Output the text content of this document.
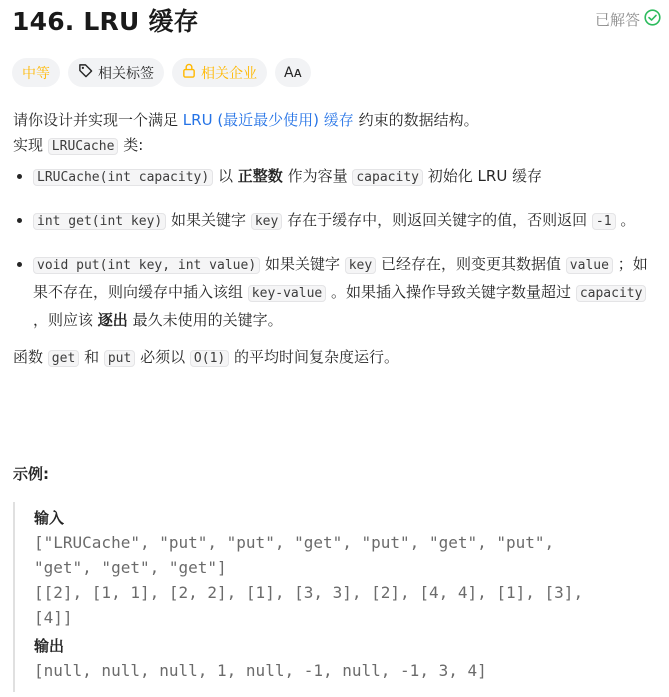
146. LRU 缓存	已解答
中等	相关标签	相关企业 Aᴀ

请你设计并实现一个满足 LRU (最近最少使用) 缓存 约束的数据结构。

实现 LRUCache 类:

• LRUCache(int capacity) 以 正整数 作为容量 capacity 初始化 LRU 缓存
• int get(int key) 如果关键字 key 存在于缓存中，则返回关键字的值，否则返回 -1 。
• void put(int key, int value) 如果关键字 key 已经存在，则变更其数据值 value ；如果不存在，则向缓存中插入该组 key-value 。如果插入操作导致关键字数量超过 capacity ，则应该 逐出 最久未使用的关键字。

函数 get 和 put 必须以 O(1) 的平均时间复杂度运行。

示例:
输入
["LRUCache", "put", "put", "get", "put", "get", "put",
"get", "get", "get"]
[[2], [1, 1], [2, 2], [1], [3, 3], [2], [4, 4], [1], [3],
[4]]
输出
[null, null, null, 1, null, -1, null, -1, 3, 4]
